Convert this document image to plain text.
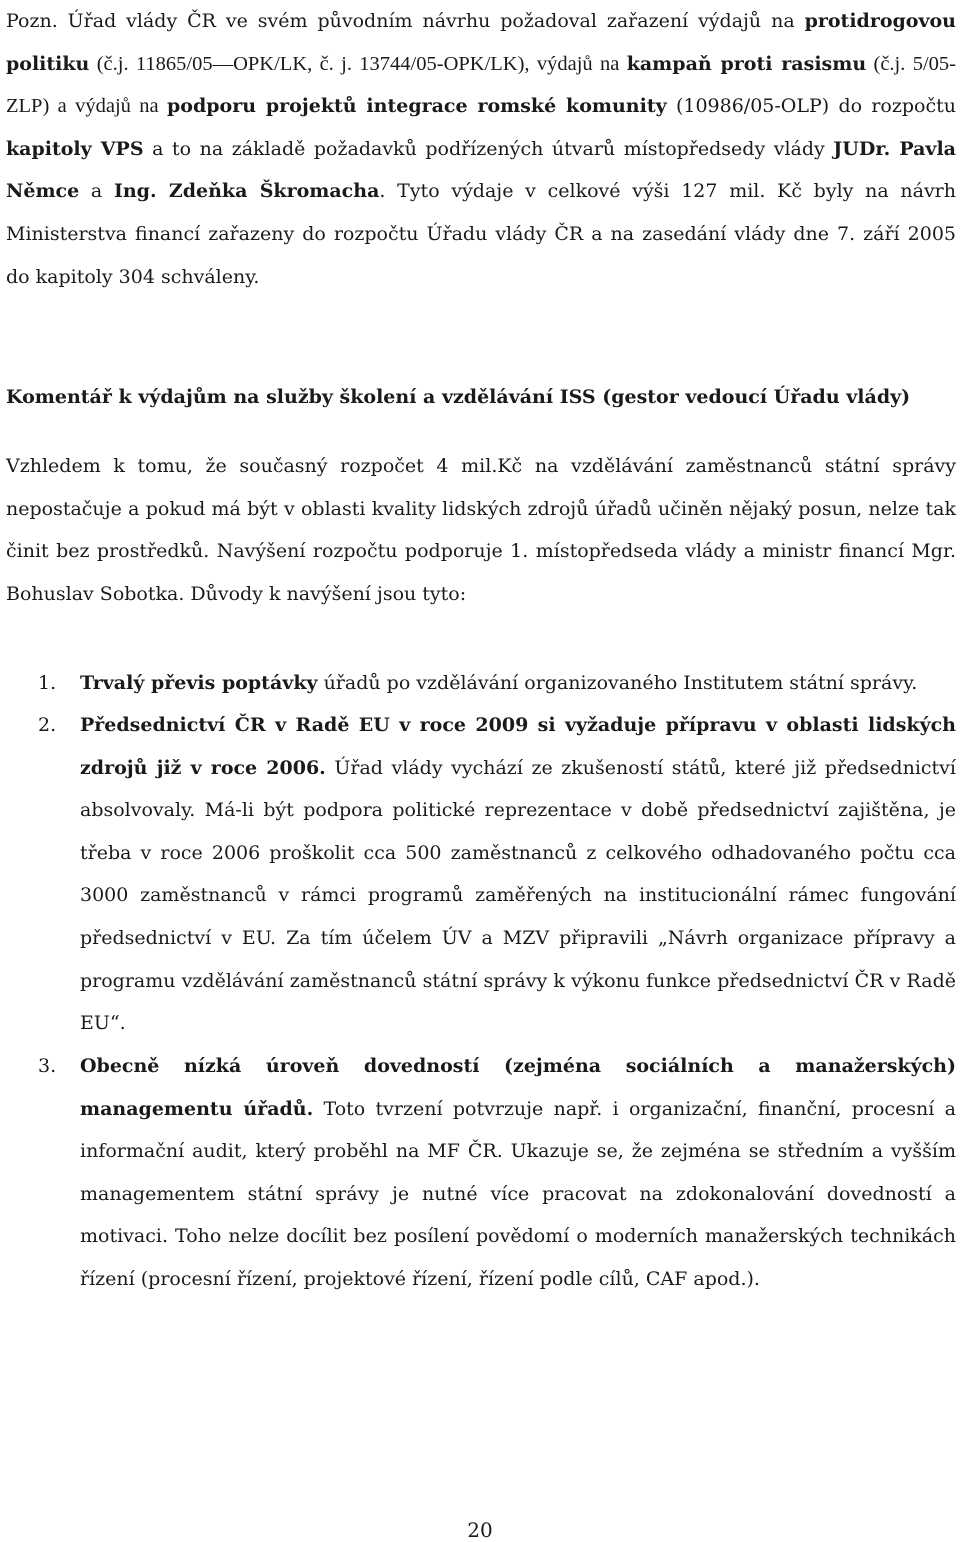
Pozn. Úřad vlády ČR ve svém původním návrhu požadoval zařazení výdajů na protidrogovou politiku (č.j. 11865/05—OPK/LK, č. j. 13744/05-OPK/LK), výdajů na kampaň proti rasismu (č.j. 5/05-ZLP) a výdajů na podporu projektů integrace romské komunity (10986/05-OLP) do rozpočtu kapitoly VPS a to na základě požadavků podřízených útvarů místopředsedy vlády JUDr. Pavla Němce a Ing. Zdeňka Škromacha. Tyto výdaje v celkové výši 127 mil. Kč byly na návrh Ministerstva financí zařazeny do rozpočtu Úřadu vlády ČR a na zasedání vlády dne 7. září 2005 do kapitoly 304 schváleny.

Komentář k výdajům na služby školení a vzdělávání ISS (gestor vedoucí Úřadu vlády)

Vzhledem k tomu, že současný rozpočet 4 mil.Kč na vzdělávání zaměstnanců státní správy nepostačuje a pokud má být v oblasti kvality lidských zdrojů úřadů učiněn nějaký posun, nelze tak činit bez prostředků. Navýšení rozpočtu podporuje 1. místopředseda vlády a ministr financí Mgr. Bohuslav Sobotka. Důvody k navýšení jsou tyto:

1. Trvalý převis poptávky úřadů po vzdělávání organizovaného Institutem státní správy.

2. Předsednictví ČR v Radě EU v roce 2009 si vyžaduje přípravu v oblasti lidských zdrojů již v roce 2006. Úřad vlády vychází ze zkušeností států, které již předsednictví absolvovaly. Má-li být podpora politické reprezentace v době předsednictví zajištěna, je třeba v roce 2006 proškolit cca 500 zaměstnanců z celkového odhadovaného počtu cca 3000 zaměstnanců v rámci programů zaměřených na institucionální rámec fungování předsednictví v EU. Za tím účelem ÚV a MZV připravili „Návrh organizace přípravy a programu vzdělávání zaměstnanců státní správy k výkonu funkce předsednictví ČR v Radě EU“.

3. Obecně nízká úroveň dovedností (zejména sociálních a manažerských) managementu úřadů. Toto tvrzení potvrzuje např. i organizační, finanční, procesní a informační audit, který proběhl na MF ČR. Ukazuje se, že zejména se středním a vyšším managementem státní správy je nutné více pracovat na zdokonalování dovedností a motivaci. Toho nelze docílit bez posílení povědomí o moderních manažerských technikách řízení (procesní řízení, projektové řízení, řízení podle cílů, CAF apod.).

20
